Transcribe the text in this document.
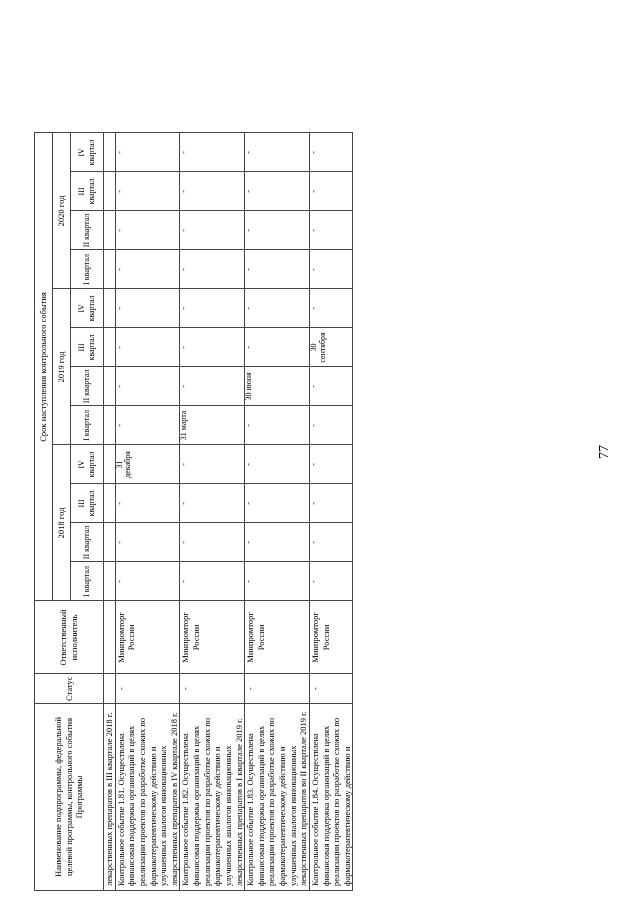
77
Наименование подпрограммы, федеральной целевой программы, контрольного события Программы	Статус	Ответственный исполнитель	Срок наступления контрольного события											
			2018 год				2019 год				2020 год			
			I квартал	II квартал	III квартал	IV квартал	I квартал	II квартал	III квартал	IV квартал	I квартал	II квартал	III квартал	IV квартал
лекарственных препаратов в III квартале 2018 г.														
Контрольное событие 1.81. Осуществлена финансовая поддержка организаций в целях реализации проектов по разработке схожих по фармакотерапевтическому действию и улучшенных аналогов инновационных лекарственных препаратов в IV квартале 2018 г.	-	Минпромторг России	-	-	-	31 декабря	-	-	-	-	-	-	-	-
Контрольное событие 1.82. Осуществлена финансовая поддержка организаций в целях реализации проектов по разработке схожих по фармакотерапевтическому действию и улучшенных аналогов инновационных лекарственных препаратов в I квартале 2019 г.	-	Минпромторг России	-	-	-	-	31 марта	-	-	-	-	-	-	-
Контрольное событие 1.83. Осуществлена финансовая поддержка организаций в целях реализации проектов по разработке схожих по фармакотерапевтическому действию и улучшенных аналогов инновационных лекарственных препаратов во II квартале 2019 г.	-	Минпромторг России	-	-	-	-	-	30 июня	-	-	-	-	-	-
Контрольное событие 1.84. Осуществлена финансовая поддержка организаций в целях реализации проектов по разработке схожих по фармакотерапевтическому действию и	-	Минпромторг России	-	-	-	-	-	-	30 сентября	-	-	-	-	-
